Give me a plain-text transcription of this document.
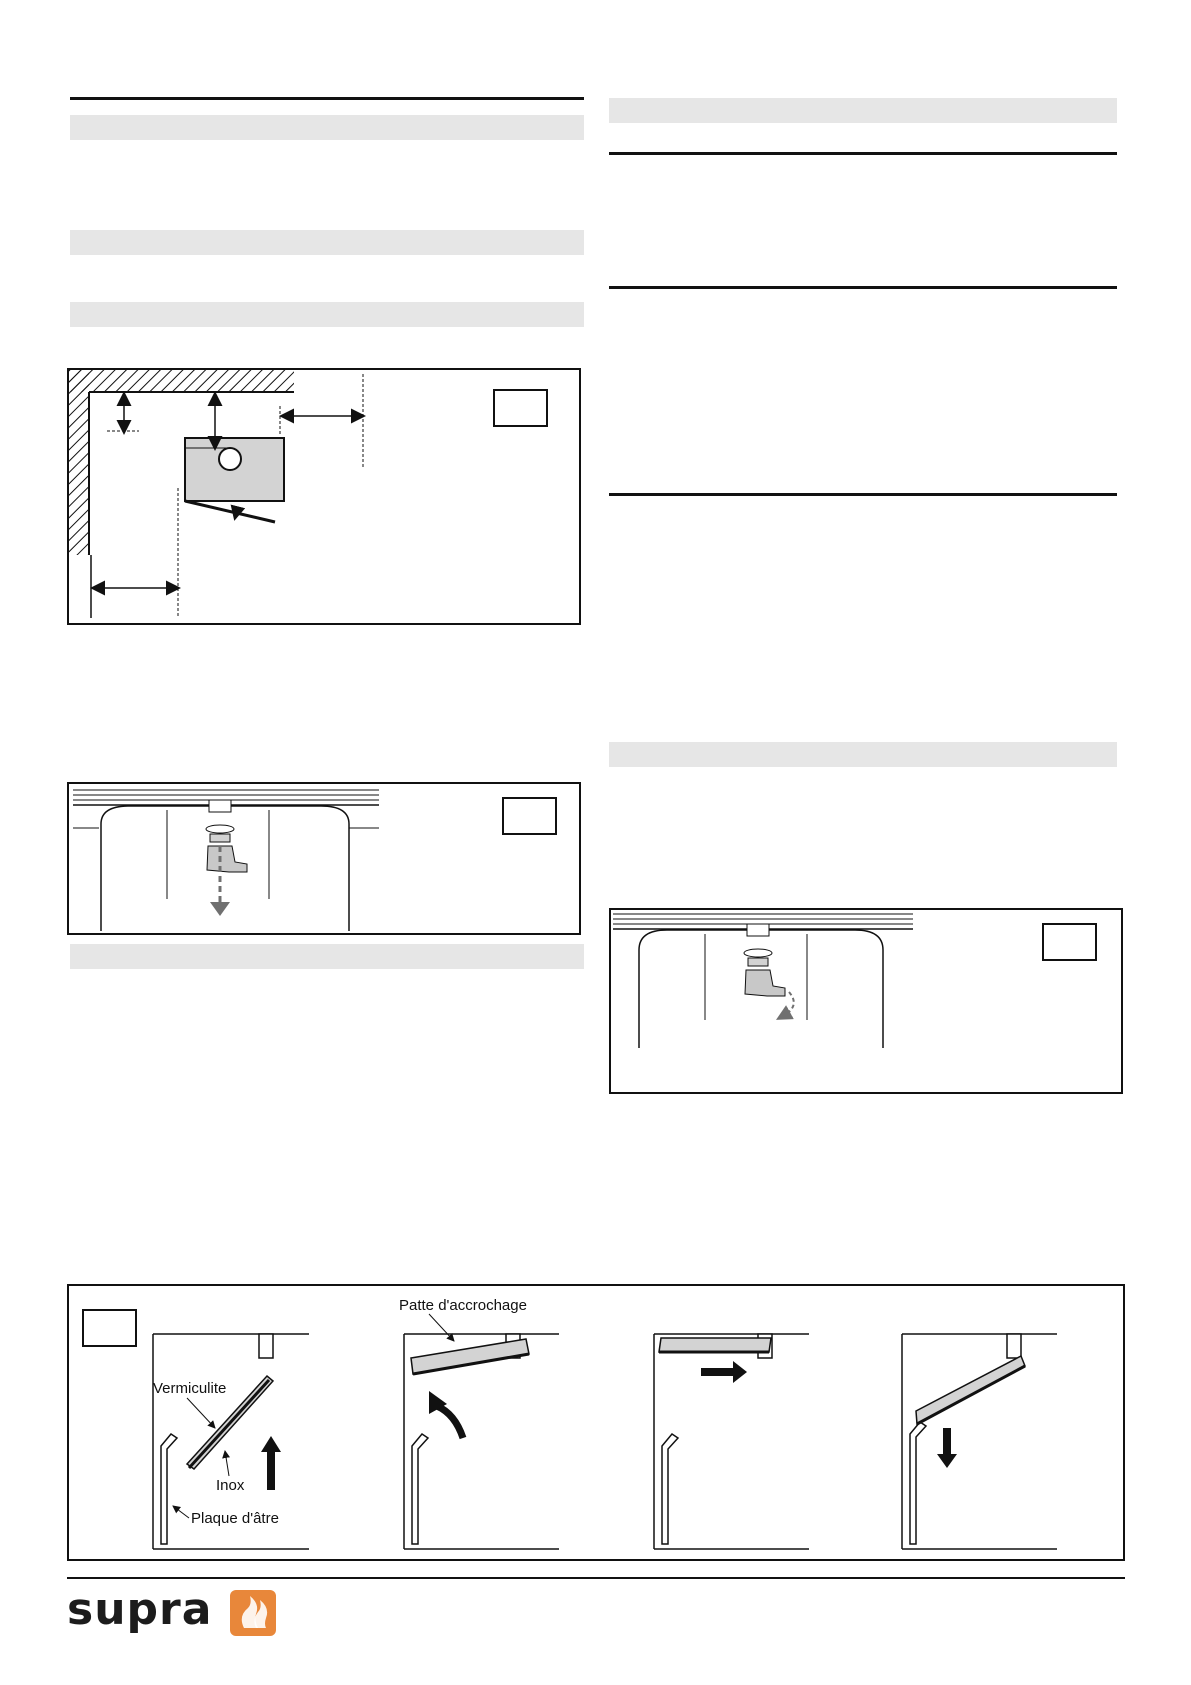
Patte d'accrochage
Vermiculite
Inox
Plaque d'âtre
supra
